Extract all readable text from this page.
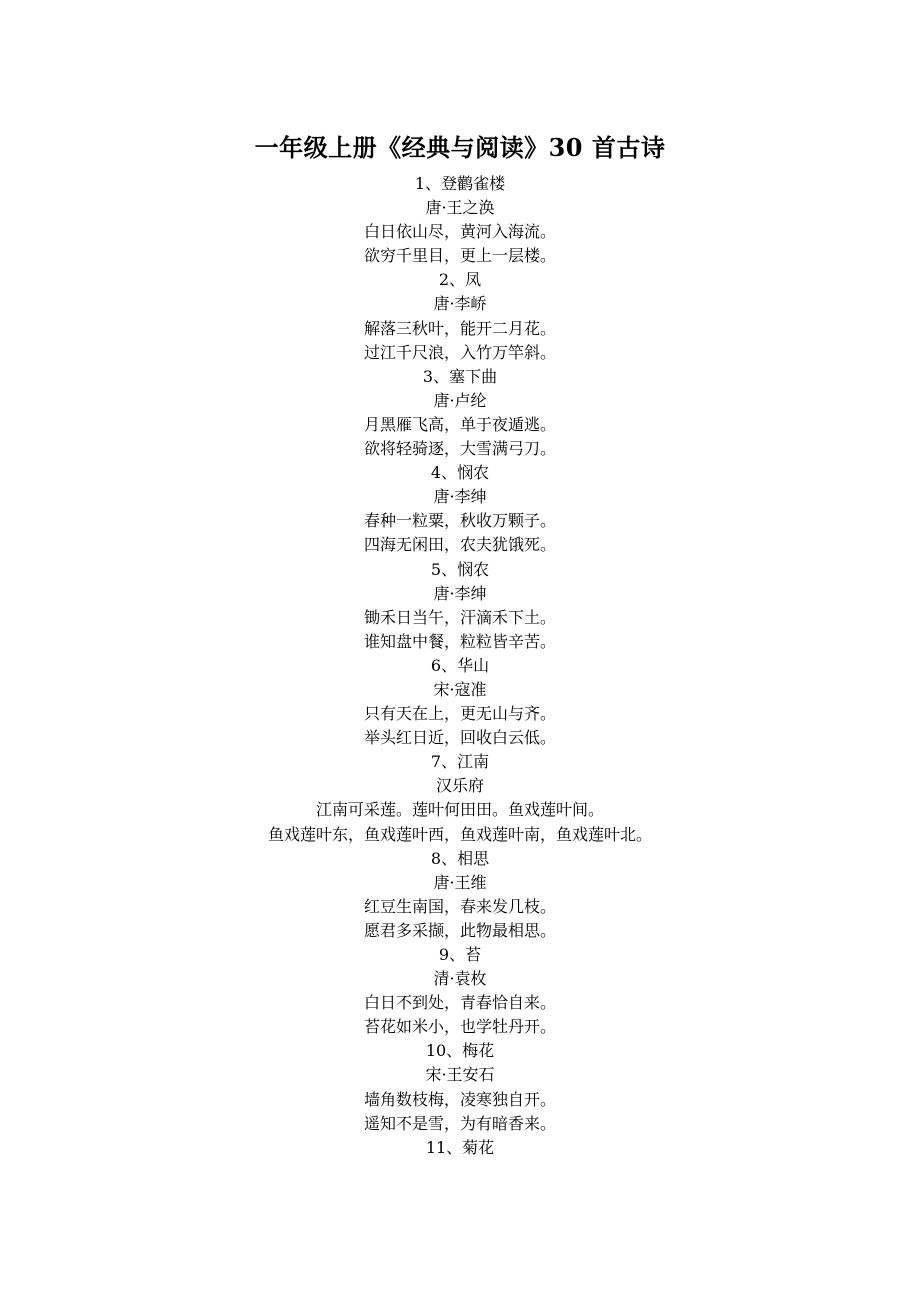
一年级上册《经典与阅读》30 首古诗
1、登鹳雀楼
唐·王之涣
白日依山尽，黄河入海流。
欲穷千里目，更上一层楼。
2、凤
唐·李峤
解落三秋叶，能开二月花。
过江千尺浪，入竹万竿斜。
3、塞下曲
唐·卢纶
月黑雁飞高，单于夜遁逃。
欲将轻骑逐，大雪满弓刀。
4、悯农
唐·李绅
春种一粒粟，秋收万颗子。
四海无闲田，农夫犹饿死。
5、悯农
唐·李绅
锄禾日当午，汗滴禾下土。
谁知盘中餐，粒粒皆辛苦。
6、华山
宋·寇准
只有天在上，更无山与齐。
举头红日近，回收白云低。
7、江南
汉乐府
江南可采莲。莲叶何田田。鱼戏莲叶间。
鱼戏莲叶东，鱼戏莲叶西，鱼戏莲叶南，鱼戏莲叶北。
8、相思
唐·王维
红豆生南国，春来发几枝。
愿君多采撷，此物最相思。
9、苔
清·袁枚
白日不到处，青春恰自来。
苔花如米小，也学牡丹开。
10、梅花
宋·王安石
墙角数枝梅，凌寒独自开。
遥知不是雪，为有暗香来。
11、菊花
